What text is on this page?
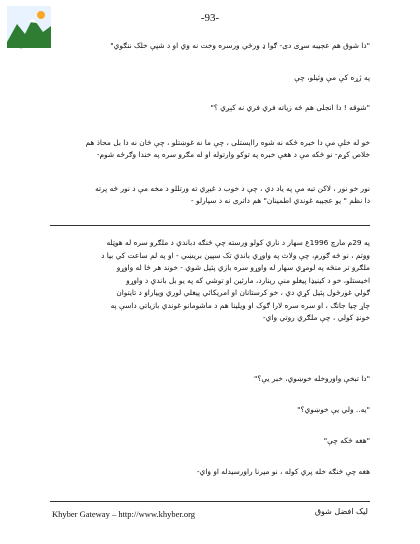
Khyber.ORG
-93-
"دا شوق هم عجیبه سړی دی- ګوا ډ ورځي ورسره وخت نه وي او د شپې خلک ننګوي"
په ژړه کې مې وئیلو، چې
"شوقه ! دا انجلی هم څه زیاته فري فري نه کېږي ؟"
خو له خلې مې دا خبره څکه نه شوه راایستلی ، چې ما نه غوښتلو ، چې څان نه دا بل محاذ هم
خلاص کړم- نو څکه مې د هغې خبره په توکو وارتوله او له مګرو سره په خندا وګرځه شوم-
نور خو نور ، لاکن تبه مې په یاد دي ، چې د خوب د غیږي ته ورتللو د مخه مې د نور څه پرته
دا نظم " یو عجیبه غوندي اطمینان" هم داتری نه د سپارلو -
په 29م مارچ 1996ع سهار د ناري کولو ورسته چې څنګه دباندي د ملګرو سره له هوټله
ووتم ، نو څه ګورم، چې ولاث په واوړي باندي تک سپین بریښي - او په لم ساعت کي بیا د
ملګرو تر منځه په لومړي سهار له واوړو سره بازي پئیل شوي - خوند هر څا له واوړو
اخیستلو، خو د کینیډا پیغلو منې رینارد، مارئین او توشي که په یو بل باندي د واوړو
ګولي غورځول پئیل کړي دي ، خو کرستانان او امریکائي پیغلي لوري وییاراو د تایتوان
چاړ چیا جانګ ، او سره سره لارا ګوک او ویلینا هم د ماشومانو غوندي بازیاتي داسې په
خونډ کولي ، چې ملګري روتي واي-
"دا تبخې واوروخله خوښوي، خبر یې؟"
"یه.. ولي یې خوښوي؟"
"هغه څکه چې"
هغه چې څنګه خله پري کوله ، نو میرنا راورسیدله او واي-
Khyber Gateway – http://www.khyber.org	لیک افضل شوق
